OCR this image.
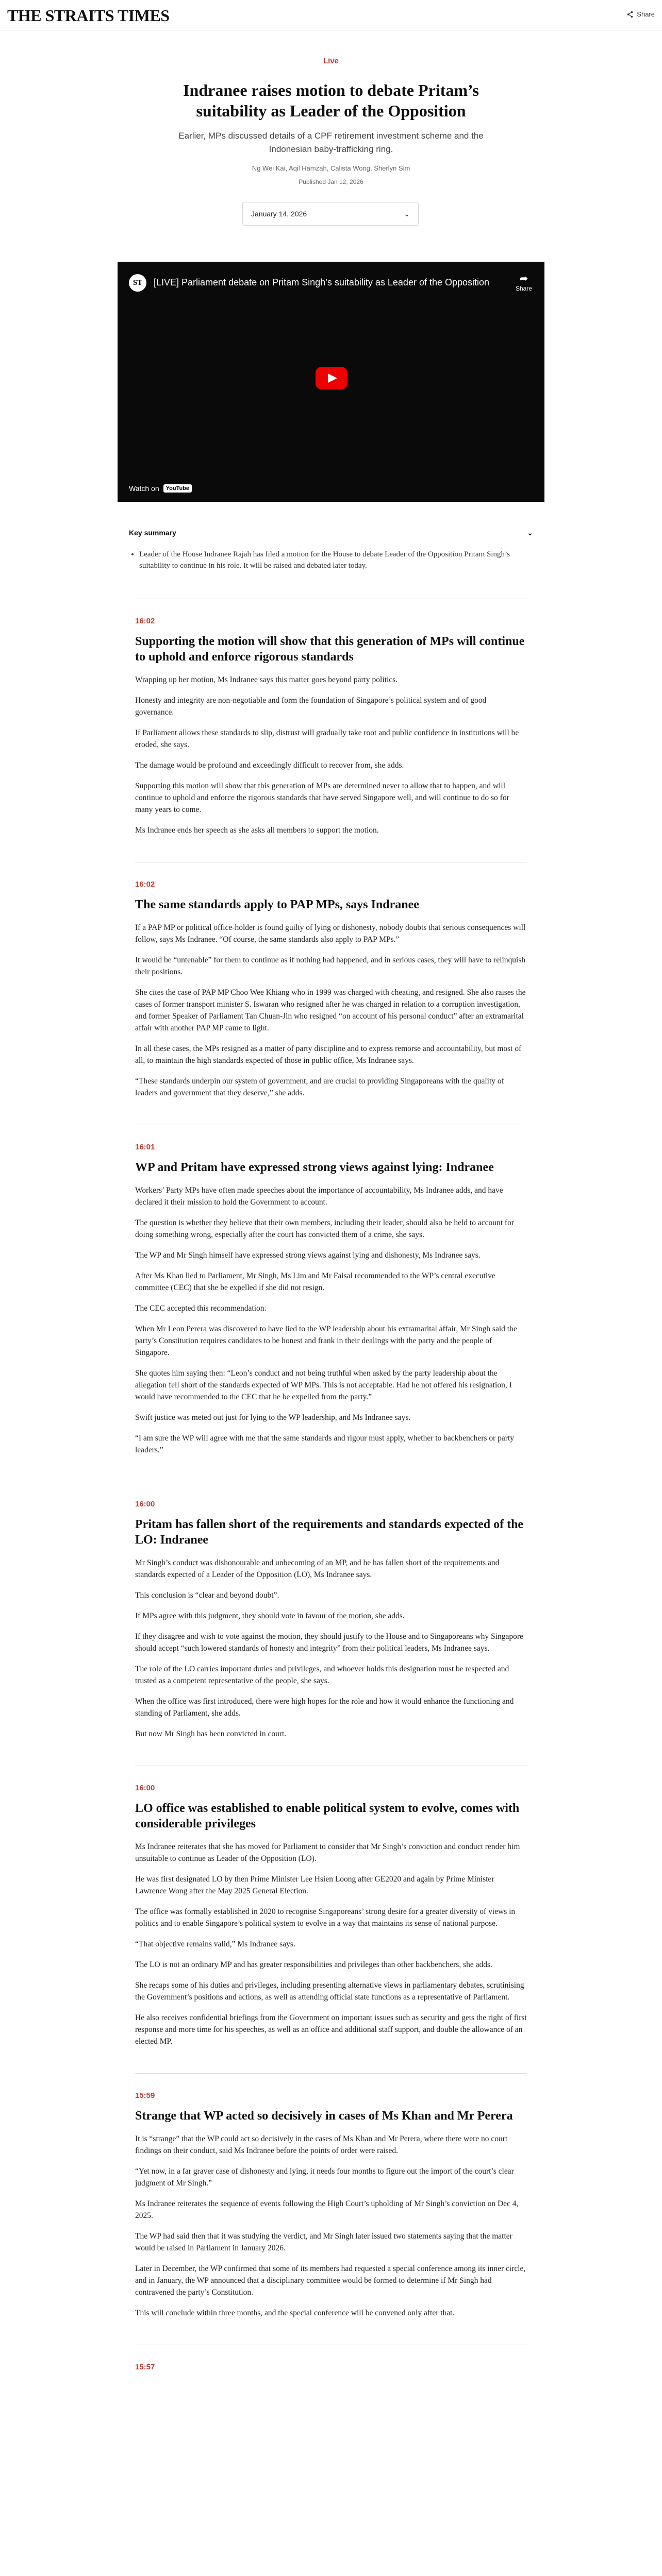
THE STRAITS TIMES	Share
Live
Indranee raises motion to debate Pritam’s suitability as Leader of the Opposition
Earlier, MPs discussed details of a CPF retirement investment scheme and the Indonesian baby-trafficking ring.
Ng Wei Kai, Aqil Hamzah, Calista Wong, Sherlyn Sim
Published Jan 12, 2026
January 14, 2026	⌄
ST	[LIVE] Parliament debate on Pritam Singh’s suitability as Leader of the Opposition	➦
Share
Watch on	YouTube
Key summary	⌄
• Leader of the House Indranee Rajah has filed a motion for the House to debate Leader of the Opposition Pritam Singh’s suitability to continue in his role. It will be raised and debated later today.
16:02
Supporting the motion will show that this generation of MPs will continue to uphold and enforce rigorous standards

Wrapping up her motion, Ms Indranee says this matter goes beyond party politics.

Honesty and integrity are non-negotiable and form the foundation of Singapore’s political system and of good governance.

If Parliament allows these standards to slip, distrust will gradually take root and public confidence in institutions will be eroded, she says.

The damage would be profound and exceedingly difficult to recover from, she adds.

Supporting this motion will show that this generation of MPs are determined never to allow that to happen, and will continue to uphold and enforce the rigorous standards that have served Singapore well, and will continue to do so for many years to come.

Ms Indranee ends her speech as she asks all members to support the motion.

16:02
The same standards apply to PAP MPs, says Indranee

If a PAP MP or political office-holder is found guilty of lying or dishonesty, nobody doubts that serious consequences will follow, says Ms Indranee. “Of course, the same standards also apply to PAP MPs.”

It would be “untenable” for them to continue as if nothing had happened, and in serious cases, they will have to relinquish their positions.

She cites the case of PAP MP Choo Wee Khiang who in 1999 was charged with cheating, and resigned. She also raises the cases of former transport minister S. Iswaran who resigned after he was charged in relation to a corruption investigation, and former Speaker of Parliament Tan Chuan-Jin who resigned “on account of his personal conduct” after an extramarital affair with another PAP MP came to light.

In all these cases, the MPs resigned as a matter of party discipline and to express remorse and accountability, but most of all, to maintain the high standards expected of those in public office, Ms Indranee says.

“These standards underpin our system of government, and are crucial to providing Singaporeans with the quality of leaders and government that they deserve,” she adds.

16:01
WP and Pritam have expressed strong views against lying: Indranee

Workers’ Party MPs have often made speeches about the importance of accountability, Ms Indranee adds, and have declared it their mission to hold the Government to account.

The question is whether they believe that their own members, including their leader, should also be held to account for doing something wrong, especially after the court has convicted them of a crime, she says.

The WP and Mr Singh himself have expressed strong views against lying and dishonesty, Ms Indranee says.

After Ms Khan lied to Parliament, Mr Singh, Ms Lim and Mr Faisal recommended to the WP’s central executive committee (CEC) that she be expelled if she did not resign.

The CEC accepted this recommendation.

When Mr Leon Perera was discovered to have lied to the WP leadership about his extramarital affair, Mr Singh said the party’s Constitution requires candidates to be honest and frank in their dealings with the party and the people of Singapore.

She quotes him saying then: “Leon’s conduct and not being truthful when asked by the party leadership about the allegation fell short of the standards expected of WP MPs. This is not acceptable. Had he not offered his resignation, I would have recommended to the CEC that he be expelled from the party.”

Swift justice was meted out just for lying to the WP leadership, and Ms Indranee says.

“I am sure the WP will agree with me that the same standards and rigour must apply, whether to backbenchers or party leaders.”

16:00
Pritam has fallen short of the requirements and standards expected of the LO: Indranee

Mr Singh’s conduct was dishonourable and unbecoming of an MP, and he has fallen short of the requirements and standards expected of a Leader of the Opposition (LO), Ms Indranee says.

This conclusion is “clear and beyond doubt”.

If MPs agree with this judgment, they should vote in favour of the motion, she adds.

If they disagree and wish to vote against the motion, they should justify to the House and to Singaporeans why Singapore should accept “such lowered standards of honesty and integrity” from their political leaders, Ms Indranee says.

The role of the LO carries important duties and privileges, and whoever holds this designation must be respected and trusted as a competent representative of the people, she says.

When the office was first introduced, there were high hopes for the role and how it would enhance the functioning and standing of Parliament, she adds.

But now Mr Singh has been convicted in court.

16:00
LO office was established to enable political system to evolve, comes with considerable privileges

Ms Indranee reiterates that she has moved for Parliament to consider that Mr Singh’s conviction and conduct render him unsuitable to continue as Leader of the Opposition (LO).

He was first designated LO by then Prime Minister Lee Hsien Loong after GE2020 and again by Prime Minister Lawrence Wong after the May 2025 General Election.

The office was formally established in 2020 to recognise Singaporeans’ strong desire for a greater diversity of views in politics and to enable Singapore’s political system to evolve in a way that maintains its sense of national purpose.

“That objective remains valid,” Ms Indranee says.

The LO is not an ordinary MP and has greater responsibilities and privileges than other backbenchers, she adds.

She recaps some of his duties and privileges, including presenting alternative views in parliamentary debates, scrutinising the Government’s positions and actions, as well as attending official state functions as a representative of Parliament.

He also receives confidential briefings from the Government on important issues such as security and gets the right of first response and more time for his speeches, as well as an office and additional staff support, and double the allowance of an elected MP.

15:59
Strange that WP acted so decisively in cases of Ms Khan and Mr Perera

It is “strange” that the WP could act so decisively in the cases of Ms Khan and Mr Perera, where there were no court findings on their conduct, said Ms Indranee before the points of order were raised.

“Yet now, in a far graver case of dishonesty and lying, it needs four months to figure out the import of the court’s clear judgment of Mr Singh.”

Ms Indranee reiterates the sequence of events following the High Court’s upholding of Mr Singh’s conviction on Dec 4, 2025.

The WP had said then that it was studying the verdict, and Mr Singh later issued two statements saying that the matter would be raised in Parliament in January 2026.

Later in December, the WP confirmed that some of its members had requested a special conference among its inner circle, and in January, the WP announced that a disciplinary committee would be formed to determine if Mr Singh had contravened the party’s Constitution.

This will conclude within three months, and the special conference will be convened only after that.

15:57
